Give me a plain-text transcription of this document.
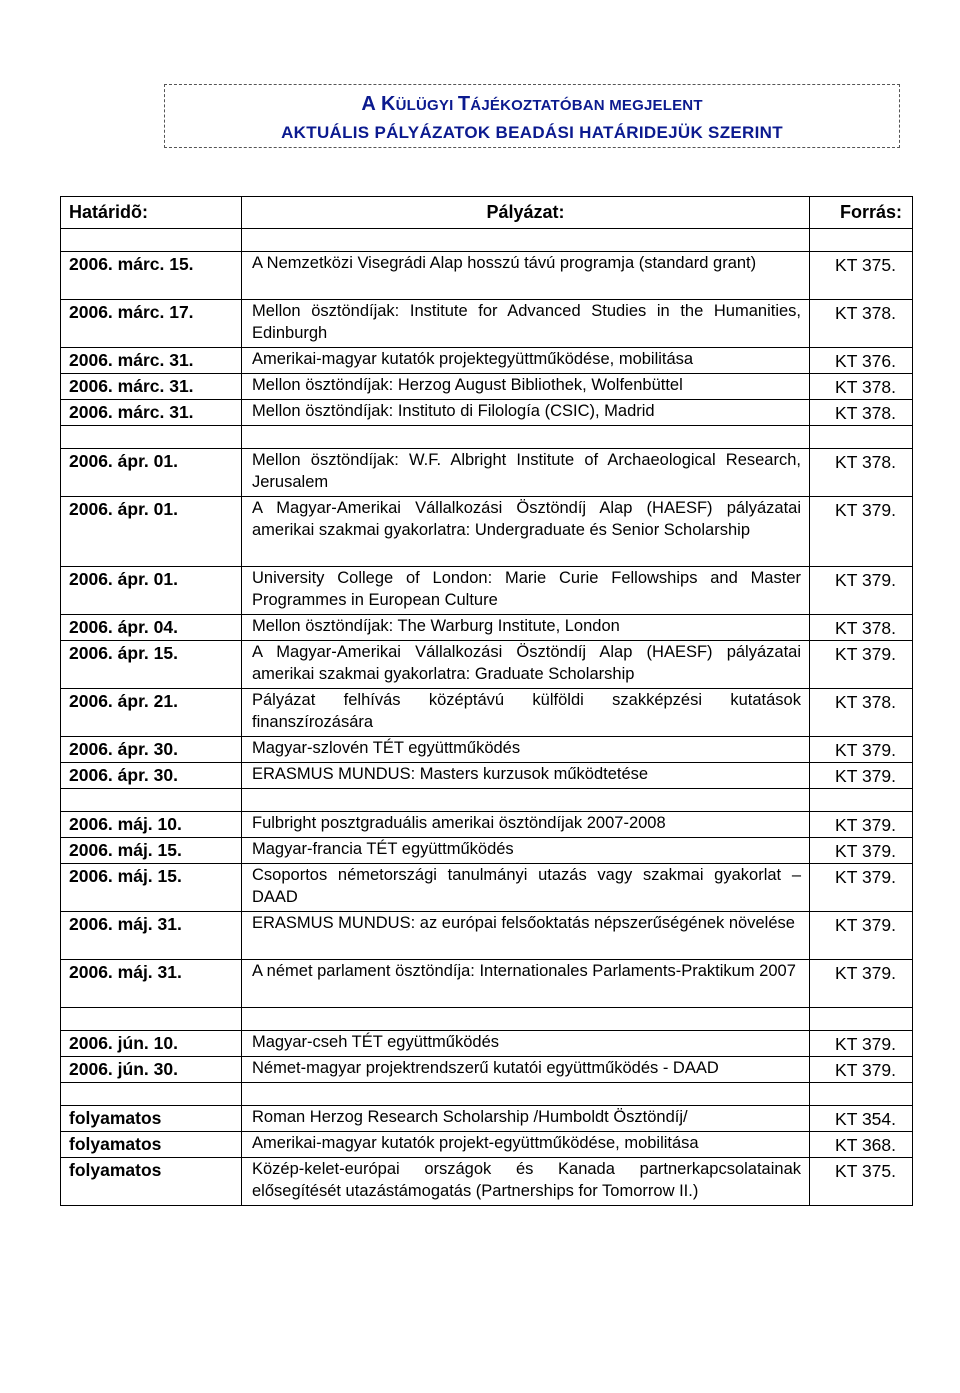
A KÜLÜGYI TÁJÉKOZTATÓBAN MEGJELENT
AKTUÁLIS PÁLYÁZATOK BEADÁSI HATÁRIDEJÜK SZERINT
Határidõ:	Pályázat:	Forrás:

2006. márc. 15.	A Nemzetközi Visegrádi Alap hosszú távú programja (standard grant)	KT 375.
2006. márc. 17.	Mellon ösztöndíjak: Institute for Advanced Studies in the Humanities, Edinburgh	KT 378.
2006. márc. 31.	Amerikai-magyar kutatók projektegyüttműködése, mobilitása	KT 376.
2006. márc. 31.	Mellon ösztöndíjak: Herzog August Bibliothek, Wolfenbüttel	KT 378.
2006. márc. 31.	Mellon ösztöndíjak: Instituto di Filología (CSIC), Madrid	KT 378.

2006. ápr. 01.	Mellon ösztöndíjak: W.F. Albright Institute of Archaeological Research, Jerusalem	KT 378.
2006. ápr. 01.	A Magyar-Amerikai Vállalkozási Ösztöndíj Alap (HAESF) pályázatai amerikai szakmai gyakorlatra: Undergraduate és Senior Scholarship	KT 379.
2006. ápr. 01.	University College of London: Marie Curie Fellowships and Master Programmes in European Culture	KT 379.
2006. ápr. 04.	Mellon ösztöndíjak: The Warburg Institute, London	KT 378.
2006. ápr. 15.	A Magyar-Amerikai Vállalkozási Ösztöndíj Alap (HAESF) pályázatai amerikai szakmai gyakorlatra: Graduate Scholarship	KT 379.
2006. ápr. 21.	Pályázat felhívás középtávú külföldi szakképzési kutatások finanszírozására	KT 378.
2006. ápr. 30.	Magyar-szlovén TÉT együttműködés	KT 379.
2006. ápr. 30.	ERASMUS MUNDUS: Masters kurzusok működtetése	KT 379.

2006. máj. 10.	Fulbright posztgraduális amerikai ösztöndíjak 2007-2008	KT 379.
2006. máj. 15.	Magyar-francia TÉT együttműködés	KT 379.
2006. máj. 15.	Csoportos németországi tanulmányi utazás vagy szakmai gyakorlat – DAAD	KT 379.
2006. máj. 31.	ERASMUS MUNDUS: az európai felsőoktatás népszerűségének növelése	KT 379.
2006. máj. 31.	A német parlament ösztöndíja: Internationales Parlaments-Praktikum 2007	KT 379.

2006. jún. 10.	Magyar-cseh TÉT együttműködés	KT 379.
2006. jún. 30.	Német-magyar projektrendszerű kutatói együttműködés - DAAD	KT 379.

folyamatos	Roman Herzog Research Scholarship /Humboldt Ösztöndíj/	KT 354.
folyamatos	Amerikai-magyar kutatók projekt-együttműködése, mobilitása	KT 368.
folyamatos	Közép-kelet-európai országok és Kanada partnerkapcsolatainak elősegítését utazástámogatás (Partnerships for Tomorrow II.)	KT 375.
